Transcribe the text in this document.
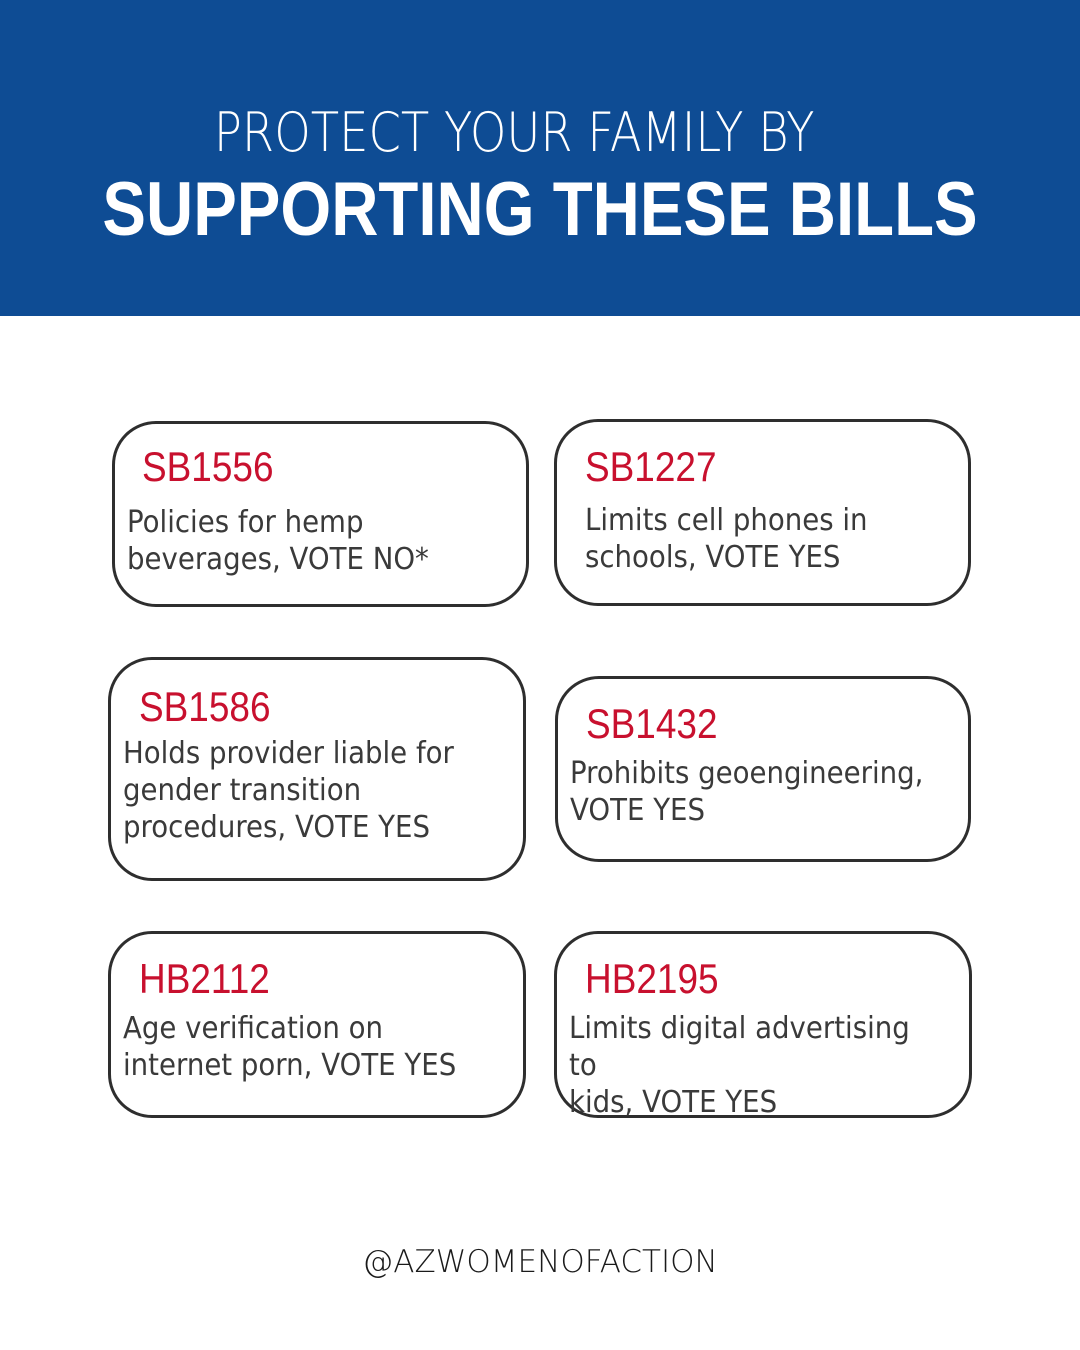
PROTECT YOUR FAMILY BY
SUPPORTING THESE BILLS
SB1556
Policies for hemp
beverages, VOTE NO*
SB1227
Limits cell phones in
schools, VOTE YES
SB1586
Holds provider liable for
gender transition
procedures, VOTE YES
SB1432
Prohibits geoengineering,
VOTE YES
HB2112
Age verification on
internet porn, VOTE YES
HB2195
Limits digital advertising to
kids, VOTE YES
@AZWOMENOFACTION
